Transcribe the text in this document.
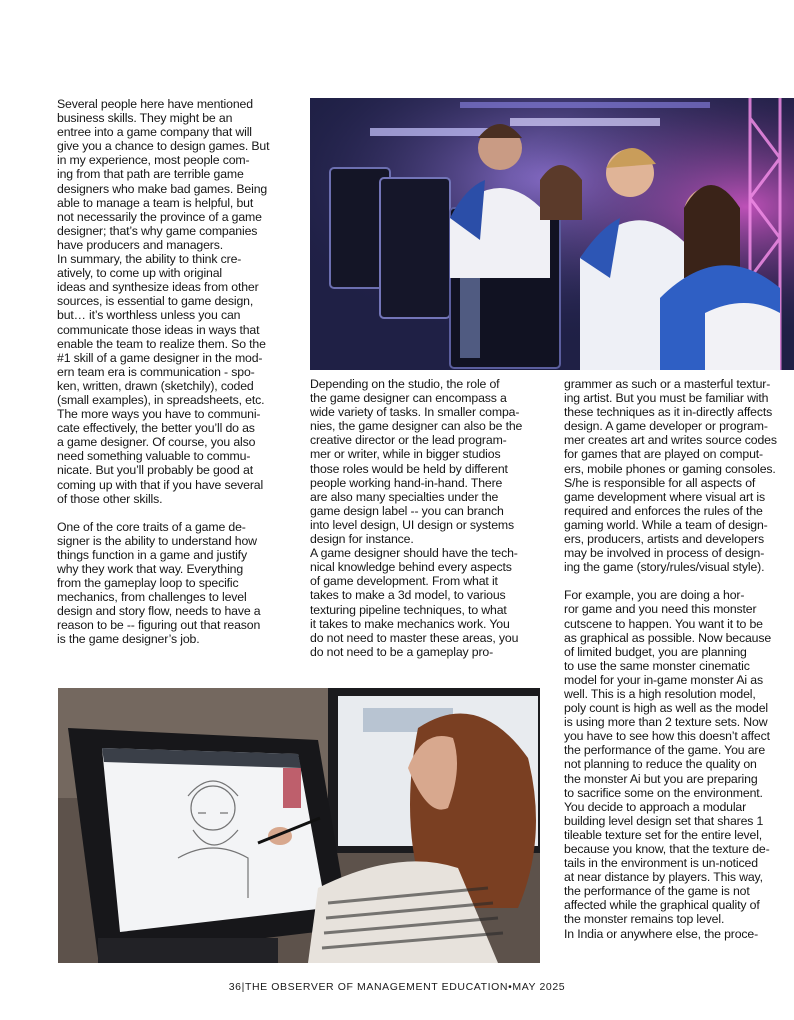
Several people here have mentioned
business skills. They might be an
entree into a game company that will
give you a chance to design games. But
in my experience, most people com-
ing from that path are terrible game
designers who make bad games. Being
able to manage a team is helpful, but
not necessarily the province of a game
designer; that’s why game companies
have producers and managers.
In summary, the ability to think cre-
atively, to come up with original
ideas and synthesize ideas from other
sources, is essential to game design,
but… it’s worthless unless you can
communicate those ideas in ways that
enable the team to realize them. So the
#1 skill of a game designer in the mod-
ern team era is communication - spo-
ken, written, drawn (sketchily), coded
(small examples), in spreadsheets, etc.
The more ways you have to communi-
cate effectively, the better you’ll do as
a game designer. Of course, you also
need something valuable to commu-
nicate. But you’ll probably be good at
coming up with that if you have several
of those other skills.

One of the core traits of a game de-
signer is the ability to understand how
things function in a game and justify
why they work that way. Everything
from the gameplay loop to specific
mechanics, from challenges to level
design and story flow, needs to have a
reason to be -- figuring out that reason
is the game designer’s job.

Depending on the studio, the role of
the game designer can encompass a
wide variety of tasks. In smaller compa-
nies, the game designer can also be the
creative director or the lead program-
mer or writer, while in bigger studios
those roles would be held by different
people working hand-in-hand. There
are also many specialties under the
game design label -- you can branch
into level design, UI design or systems
design for instance.
A game designer should have the tech-
nical knowledge behind every aspects
of game development. From what it
takes to make a 3d model, to various
texturing pipeline techniques, to what
it takes to make mechanics work. You
do not need to master these areas, you
do not need to be a gameplay pro-

grammer as such or a masterful textur-
ing artist. But you must be familiar with
these techniques as it in-directly affects
design. A game developer or program-
mer creates art and writes source codes
for games that are played on comput-
ers, mobile phones or gaming consoles.
S/he is responsible for all aspects of
game development where visual art is
required and enforces the rules of the
gaming world. While a team of design-
ers, producers, artists and developers
may be involved in process of design-
ing the game (story/rules/visual style).

For example, you are doing a hor-
ror game and you need this monster
cutscene to happen. You want it to be
as graphical as possible. Now because
of limited budget, you are planning
to use the same monster cinematic
model for your in-game monster Ai as
well. This is a high resolution model,
poly count is high as well as the model
is using more than 2 texture sets. Now
you have to see how this doesn’t affect
the performance of the game. You are
not planning to reduce the quality on
the monster Ai but you are preparing
to sacrifice some on the environment.
You decide to approach a modular
building level design set that shares 1
tileable texture set for the entire level,
because you know, that the texture de-
tails in the environment is un-noticed
at near distance by players. This way,
the performance of the game is not
affected while the graphical quality of
the monster remains top level.
In India or anywhere else, the proce-

36|THE OBSERVER OF MANAGEMENT EDUCATION•MAY 2025
